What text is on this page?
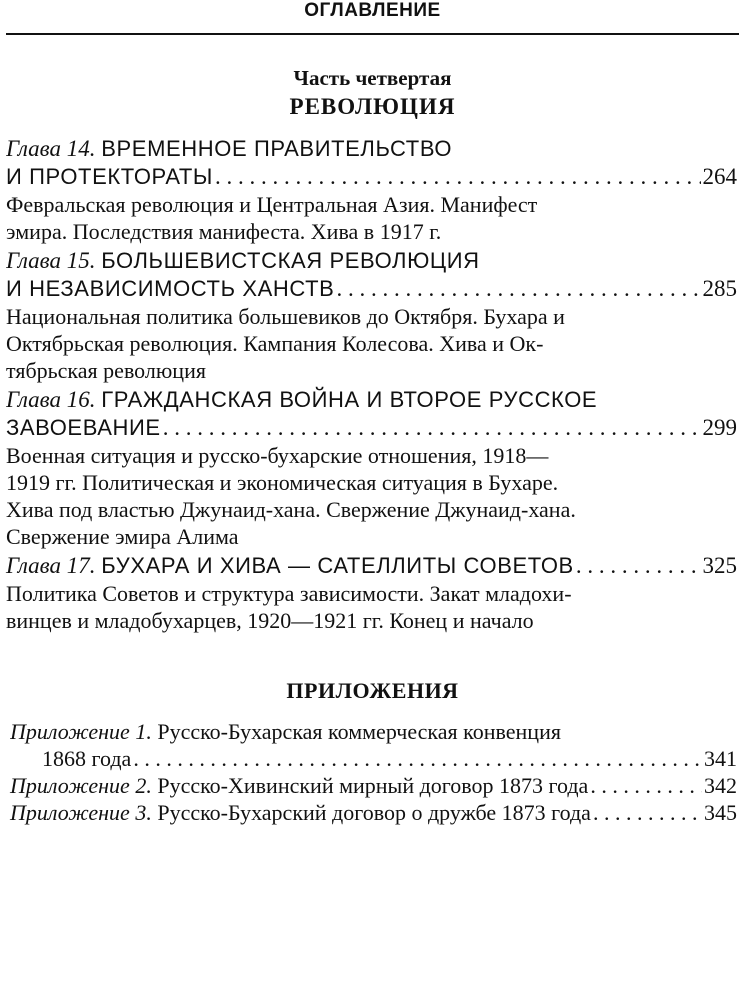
ОГЛАВЛЕНИЕ
Часть четвертая
РЕВОЛЮЦИЯ
Глава 14. ВРЕМЕННОЕ ПРАВИТЕЛЬСТВО
И ПРОТЕКТОРАТЫ . . .	264
Февральская революция и Центральная Азия. Манифест
эмира. Последствия манифеста. Хива в 1917 г.
Глава 15. БОЛЬШЕВИСТСКАЯ РЕВОЛЮЦИЯ
И НЕЗАВИСИМОСТЬ ХАНСТВ . . .	285
Национальная политика большевиков до Октября. Бухара и
Октябрьская революция. Кампания Колесова. Хива и Ок-
тябрьская революция
Глава 16. ГРАЖДАНСКАЯ ВОЙНА И ВТОРОЕ РУССКОЕ
ЗАВОЕВАНИЕ . . .	299
Военная ситуация и русско-бухарские отношения, 1918—
1919 гг. Политическая и экономическая ситуация в Бухаре.
Хива под властью Джунаид-хана. Свержение Джунаид-хана.
Свержение эмира Алима
Глава 17.
БУХАРА И ХИВА — САТЕЛЛИТЫ СОВЕТОВ . . .	325
Политика Советов и структура зависимости. Закат младохи-
винцев и младобухарцев, 1920—1921 гг. Конец и начало
ПРИЛОЖЕНИЯ
Приложение 1. Русско-Бухарская коммерческая конвенция
1868 года . . .	341
Приложение 2.
Русско-Хивинский мирный договор 1873 года . . .	342
Приложение 3.
Русско-Бухарский договор о дружбе 1873 года . . .	345
